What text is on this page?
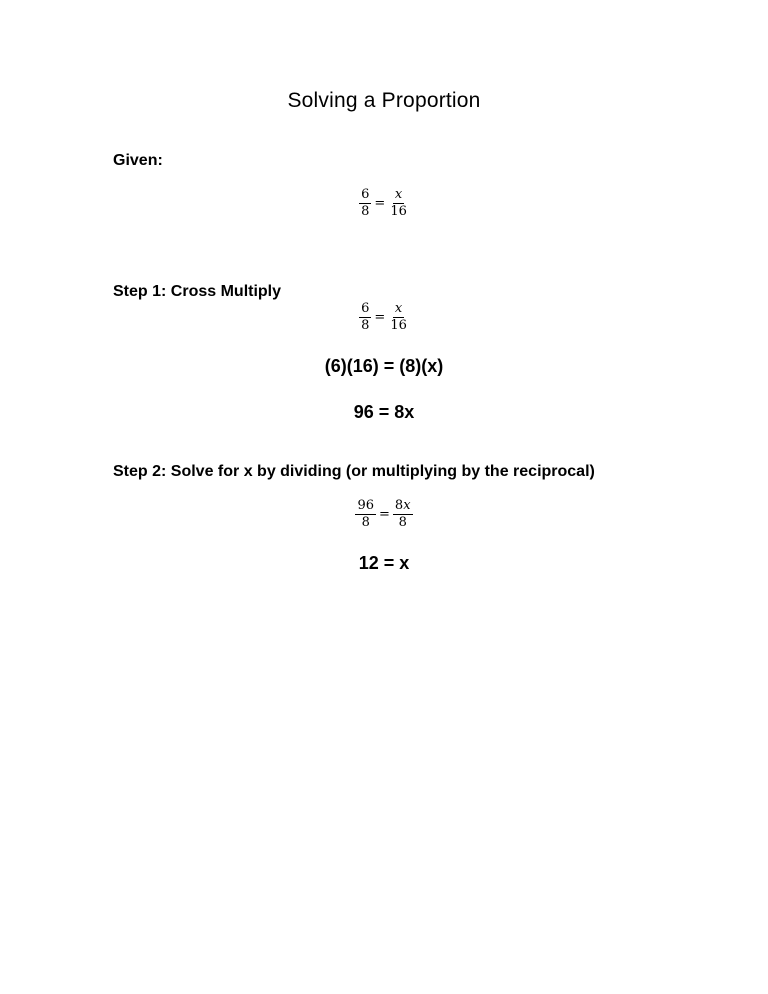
Solving a Proportion
Given:
$\frac{6}{8} = \frac{x}{16}$
Step 1: Cross Multiply
$\frac{6}{8} = \frac{x}{16}$
(6)(16) = (8)(x)
96 = 8x
Step 2: Solve for x by dividing (or multiplying by the reciprocal)
$\frac{96}{8} = \frac{8x}{8}$
12 = x
